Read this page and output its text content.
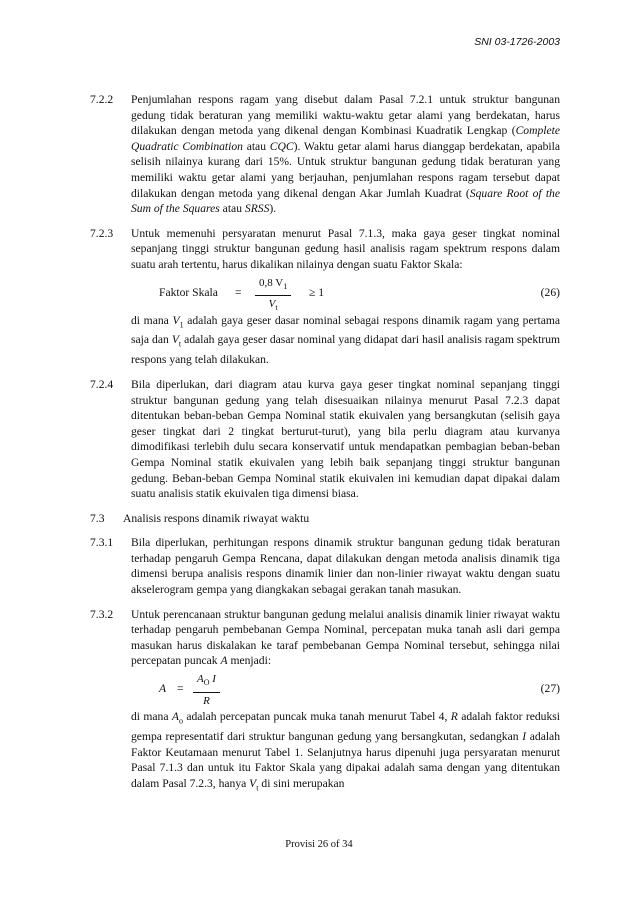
SNI 03-1726-2003
7.2.2	Penjumlahan respons ragam yang disebut dalam Pasal 7.2.1 untuk struktur bangunan gedung tidak beraturan yang memiliki waktu-waktu getar alami yang berdekatan, harus dilakukan dengan metoda yang dikenal dengan Kombinasi Kuadratik Lengkap (Complete Quadratic Combination atau CQC). Waktu getar alami harus dianggap berdekatan, apabila selisih nilainya kurang dari 15%. Untuk struktur bangunan gedung tidak beraturan yang memiliki waktu getar alami yang berjauhan, penjumlahan respons ragam tersebut dapat dilakukan dengan metoda yang dikenal dengan Akar Jumlah Kuadrat (Square Root of the Sum of the Squares atau SRSS).
7.2.3	Untuk memenuhi persyaratan menurut Pasal 7.1.3, maka gaya geser tingkat nominal sepanjang tinggi struktur bangunan gedung hasil analisis ragam spektrum respons dalam suatu arah tertentu, harus dikalikan nilainya dengan suatu Faktor Skala:

Faktor Skala = $\frac{0,8 V_1}{V_t} \ge 1$	(26)

di mana $V_1$ adalah gaya geser dasar nominal sebagai respons dinamik ragam yang pertama saja dan $V_t$ adalah gaya geser dasar nominal yang didapat dari hasil analisis ragam spektrum respons yang telah dilakukan.

7.2.4	Bila diperlukan, dari diagram atau kurva gaya geser tingkat nominal sepanjang tinggi struktur bangunan gedung yang telah disesuaikan nilainya menurut Pasal 7.2.3 dapat ditentukan beban-beban Gempa Nominal statik ekuivalen yang bersangkutan (selisih gaya geser tingkat dari 2 tingkat berturut-turut), yang bila perlu diagram atau kurvanya dimodifikasi terlebih dulu secara konservatif untuk mendapatkan pembagian beban-beban Gempa Nominal statik ekuivalen yang lebih baik sepanjang tinggi struktur bangunan gedung. Beban-beban Gempa Nominal statik ekuivalen ini kemudian dapat dipakai dalam suatu analisis statik ekuivalen tiga dimensi biasa.
7.3	Analisis respons dinamik riwayat waktu
7.3.1	Bila diperlukan, perhitungan respons dinamik struktur bangunan gedung tidak beraturan terhadap pengaruh Gempa Rencana, dapat dilakukan dengan metoda analisis dinamik tiga dimensi berupa analisis respons dinamik linier dan non-linier riwayat waktu dengan suatu akselerogram gempa yang diangkakan sebagai gerakan tanah masukan.
7.3.2	Untuk perencanaan struktur bangunan gedung melalui analisis dinamik linier riwayat waktu terhadap pengaruh pembebanan Gempa Nominal, percepatan muka tanah asli dari gempa masukan harus diskalakan ke taraf pembebanan Gempa Nominal tersebut, sehingga nilai percepatan puncak A menjadi:

$A = \frac{A_O I}{R}$	(27)

di mana $A_o$ adalah percepatan puncak muka tanah menurut Tabel 4, R adalah faktor reduksi gempa representatif dari struktur bangunan gedung yang bersangkutan, sedangkan I adalah Faktor Keutamaan menurut Tabel 1. Selanjutnya harus dipenuhi juga persyaratan menurut Pasal 7.1.3 dan untuk itu Faktor Skala yang dipakai adalah sama dengan yang ditentukan dalam Pasal 7.2.3, hanya $V_t$ di sini merupakan

Provisi 26 of 34
